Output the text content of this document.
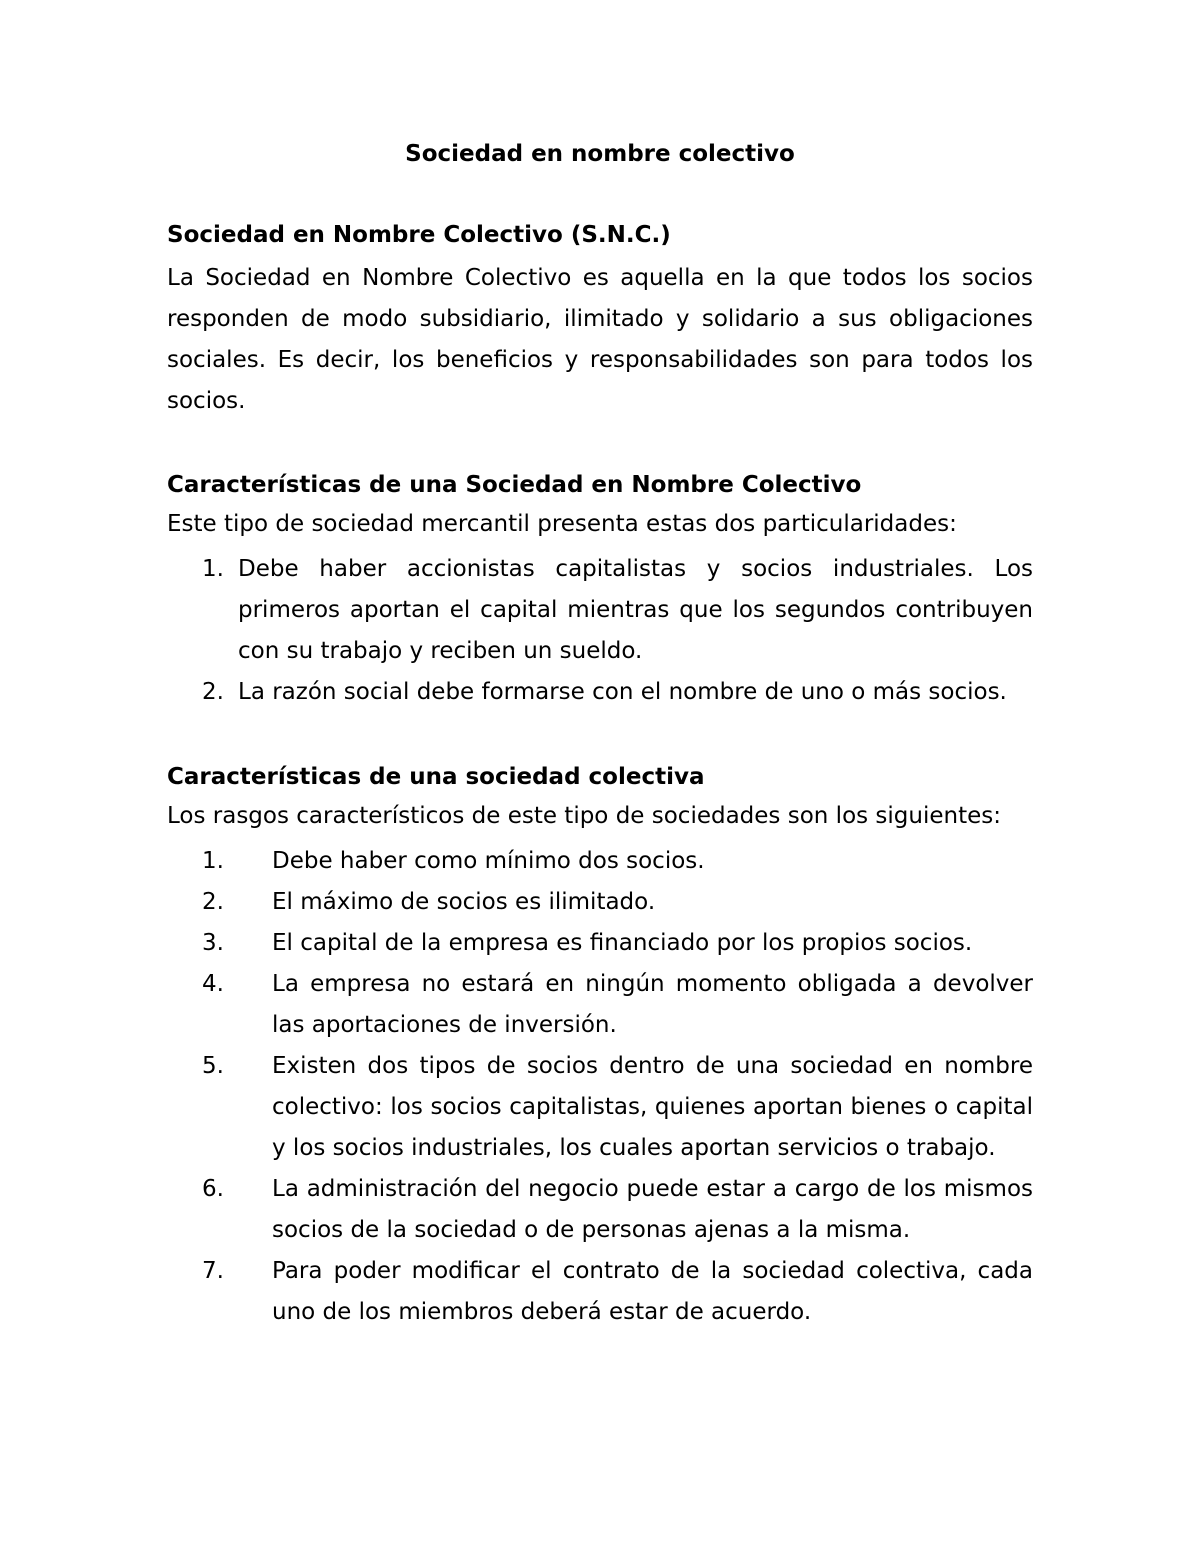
Sociedad en nombre colectivo
Sociedad en Nombre Colectivo (S.N.C.)

La Sociedad en Nombre Colectivo es aquella en la que todos los socios responden de modo subsidiario, ilimitado y solidario a sus obligaciones sociales. Es decir, los beneficios y responsabilidades son para todos los socios.

Características de una Sociedad en Nombre Colectivo

Este tipo de sociedad mercantil presenta estas dos particularidades:

1. Debe haber accionistas capitalistas y socios industriales. Los primeros aportan el capital mientras que los segundos contribuyen con su trabajo y reciben un sueldo.
2. La razón social debe formarse con el nombre de uno o más socios.
Características de una sociedad colectiva

Los rasgos característicos de este tipo de sociedades son los siguientes:

1. Debe haber como mínimo dos socios.
2. El máximo de socios es ilimitado.
3. El capital de la empresa es financiado por los propios socios.
4. La empresa no estará en ningún momento obligada a devolver las aportaciones de inversión.
5. Existen dos tipos de socios dentro de una sociedad en nombre colectivo: los socios capitalistas, quienes aportan bienes o capital y los socios industriales, los cuales aportan servicios o trabajo.
6. La administración del negocio puede estar a cargo de los mismos socios de la sociedad o de personas ajenas a la misma.
7. Para poder modificar el contrato de la sociedad colectiva, cada uno de los miembros deberá estar de acuerdo.
